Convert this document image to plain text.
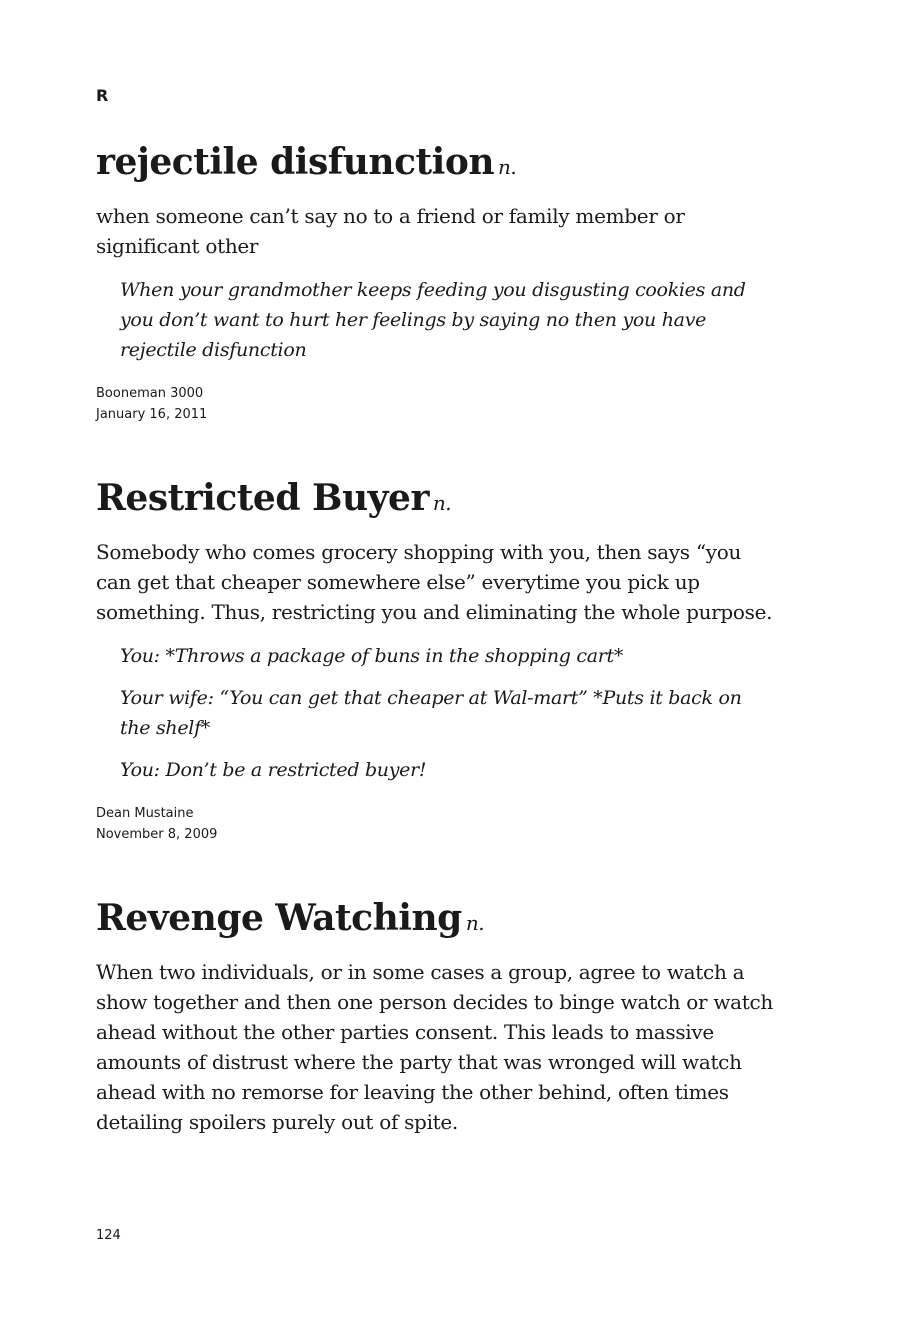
R
rejectile disfunction n.

when someone can’t say no to a friend or family member or significant other

When your grandmother keeps feeding you disgusting cookies and you don’t want to hurt her feelings by saying no then you have rejectile disfunction

Booneman 3000
January 16, 2011
Restricted Buyer n.

Somebody who comes grocery shopping with you, then says “you can get that cheaper somewhere else” everytime you pick up something. Thus, restricting you and eliminating the whole purpose.

You: *Throws a package of buns in the shopping cart*

Your wife: “You can get that cheaper at Wal-mart” *Puts it back on the shelf*

You: Don’t be a restricted buyer!

Dean Mustaine
November 8, 2009
Revenge Watching n.

When two individuals, or in some cases a group, agree to watch a show together and then one person decides to binge watch or watch ahead without the other parties consent. This leads to massive amounts of distrust where the party that was wronged will watch ahead with no remorse for leaving the other behind, often times detailing spoilers purely out of spite.

124
